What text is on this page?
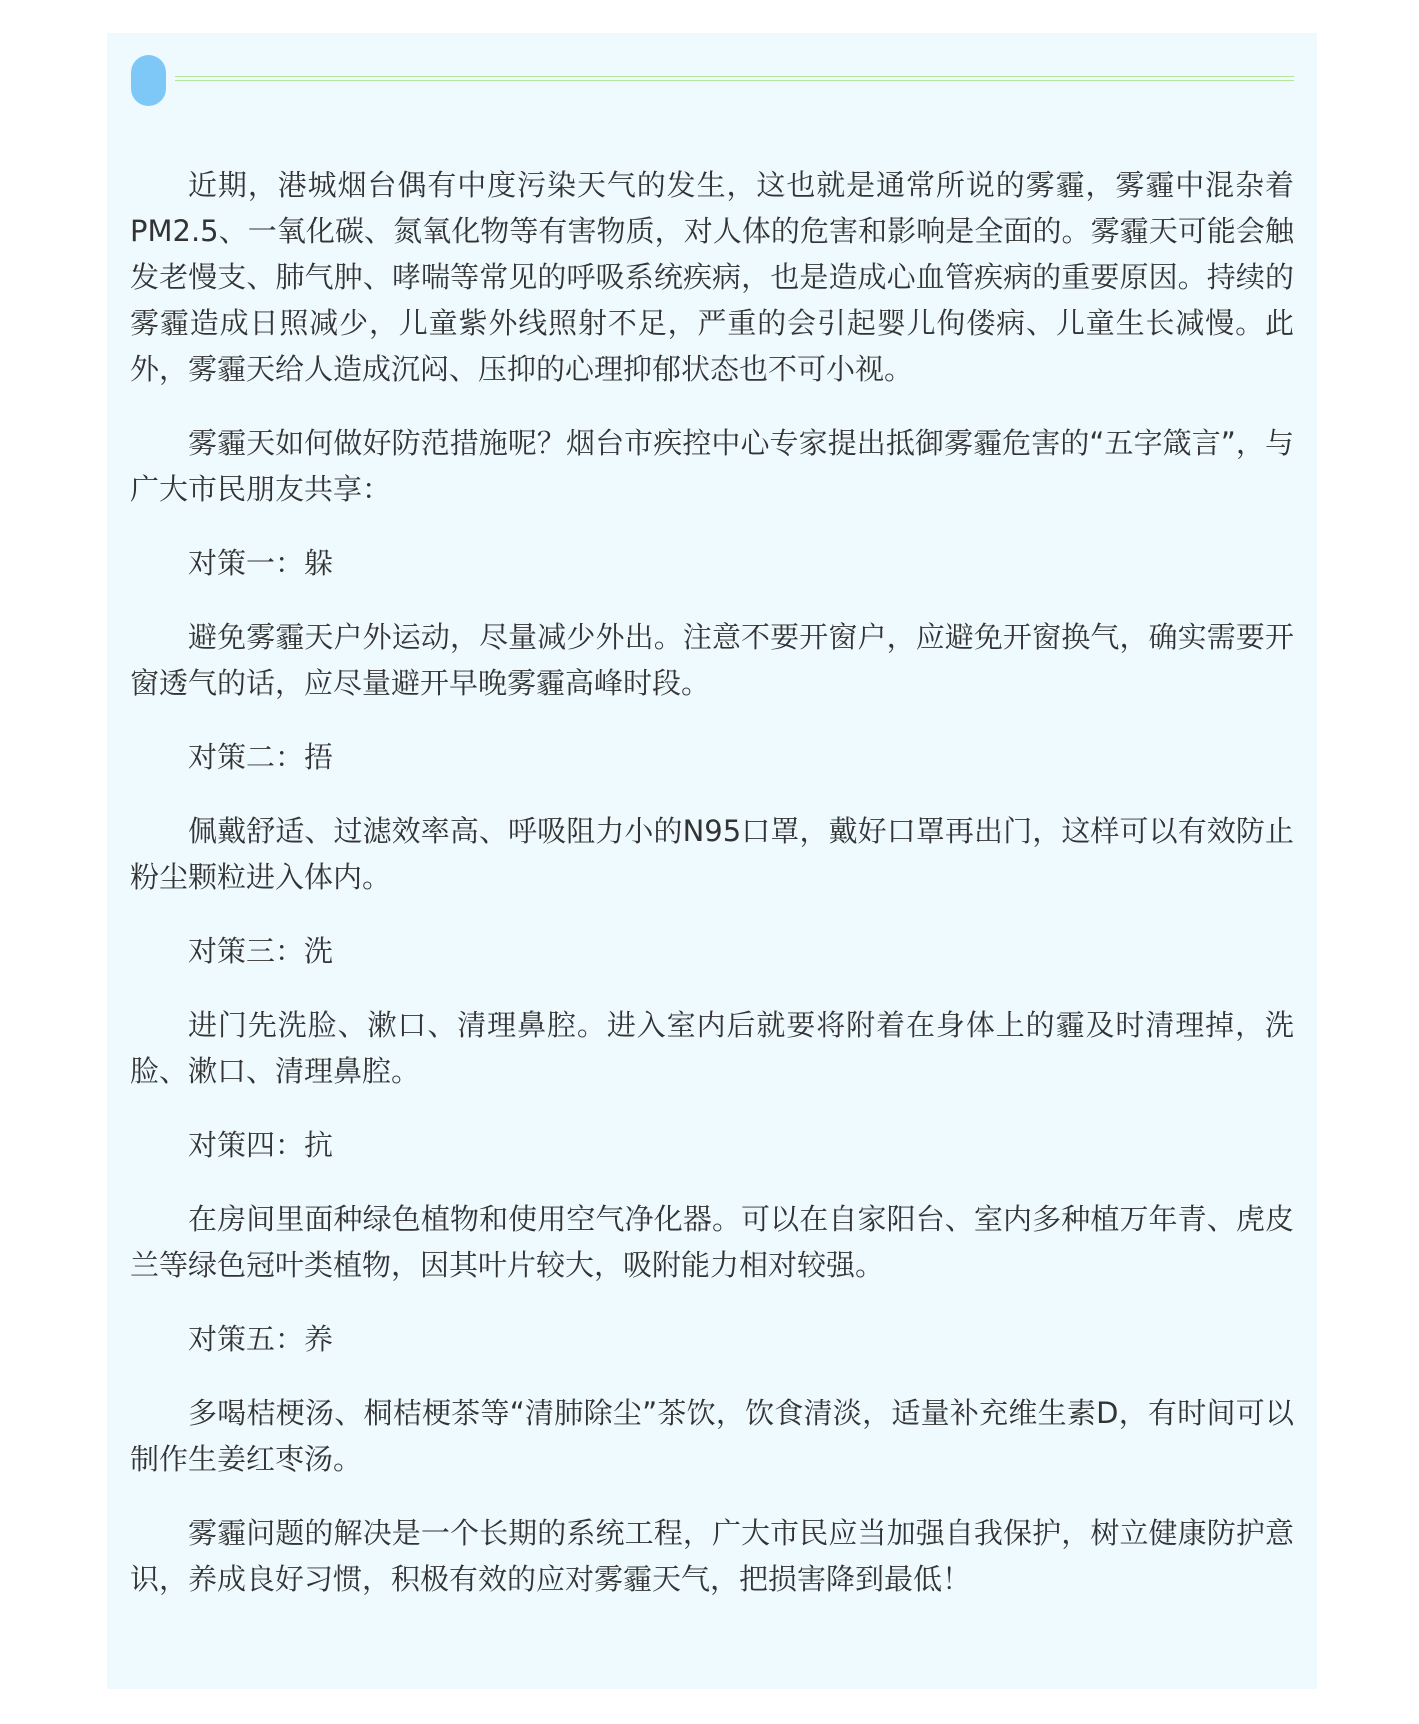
近期，港城烟台偶有中度污染天气的发生，这也就是通常所说的雾霾，雾霾中混杂着PM2.5、一氧化碳、氮氧化物等有害物质，对人体的危害和影响是全面的。雾霾天可能会触发老慢支、肺气肿、哮喘等常见的呼吸系统疾病，也是造成心血管疾病的重要原因。持续的雾霾造成日照减少，儿童紫外线照射不足，严重的会引起婴儿佝偻病、儿童生长减慢。此外，雾霾天给人造成沉闷、压抑的心理抑郁状态也不可小视。

雾霾天如何做好防范措施呢？烟台市疾控中心专家提出抵御雾霾危害的“五字箴言”，与广大市民朋友共享：

对策一：躲

避免雾霾天户外运动，尽量减少外出。注意不要开窗户，应避免开窗换气，确实需要开窗透气的话，应尽量避开早晚雾霾高峰时段。

对策二：捂

佩戴舒适、过滤效率高、呼吸阻力小的N95口罩，戴好口罩再出门，这样可以有效防止粉尘颗粒进入体内。

对策三：洗

进门先洗脸、漱口、清理鼻腔。进入室内后就要将附着在身体上的霾及时清理掉，洗脸、漱口、清理鼻腔。

对策四：抗

在房间里面种绿色植物和使用空气净化器。可以在自家阳台、室内多种植万年青、虎皮兰等绿色冠叶类植物，因其叶片较大，吸附能力相对较强。

对策五：养

多喝桔梗汤、桐桔梗茶等“清肺除尘”茶饮，饮食清淡，适量补充维生素D，有时间可以制作生姜红枣汤。

雾霾问题的解决是一个长期的系统工程，广大市民应当加强自我保护，树立健康防护意识，养成良好习惯，积极有效的应对雾霾天气，把损害降到最低！
